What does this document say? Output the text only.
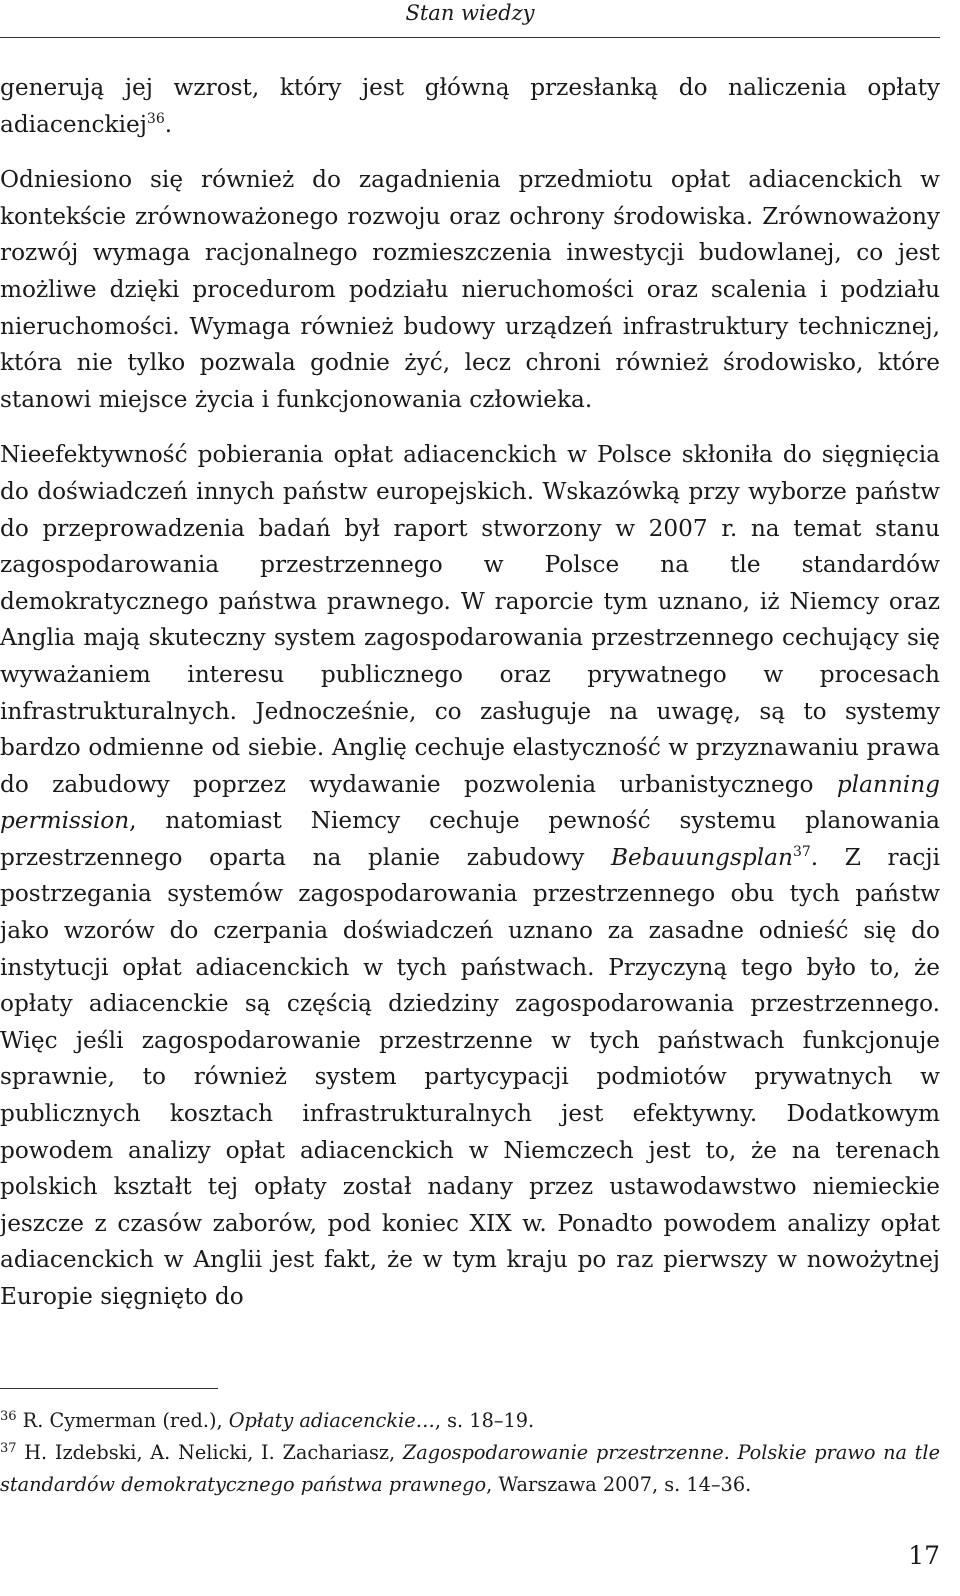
Stan wiedzy

generują jej wzrost, który jest główną przesłanką do naliczenia opłaty adiacenckiej$^{36}$.

Odniesiono się również do zagadnienia przedmiotu opłat adiacenckich w kontekście zrównoważonego rozwoju oraz ochrony środowiska. Zrównoważony rozwój wymaga racjonalnego rozmieszczenia inwestycji budowlanej, co jest możliwe dzięki procedurom podziału nieruchomości oraz scalenia i podziału nieruchomości. Wymaga również budowy urządzeń infrastruktury technicznej, która nie tylko pozwala godnie żyć, lecz chroni również środowisko, które stanowi miejsce życia i funkcjonowania człowieka.

Nieefektywność pobierania opłat adiacenckich w Polsce skłoniła do sięgnięcia do doświadczeń innych państw europejskich. Wskazówką przy wyborze państw do przeprowadzenia badań był raport stworzony w 2007 r. na temat stanu zagospodarowania przestrzennego w Polsce na tle standardów demokratycznego państwa prawnego. W raporcie tym uznano, iż Niemcy oraz Anglia mają skuteczny system zagospodarowania przestrzennego cechujący się wyważaniem interesu publicznego oraz prywatnego w procesach infrastrukturalnych. Jednocześnie, co zasługuje na uwagę, są to systemy bardzo odmienne od siebie. Anglię cechuje elastyczność w przyznawaniu prawa do zabudowy poprzez wydawanie pozwolenia urbanistycznego planning permission, natomiast Niemcy cechuje pewność systemu planowania przestrzennego oparta na planie zabudowy Bebauungsplan$^{37}$. Z racji postrzegania systemów zagospodarowania przestrzennego obu tych państw jako wzorów do czerpania doświadczeń uznano za zasadne odnieść się do instytucji opłat adiacenckich w tych państwach. Przyczyną tego było to, że opłaty adiacenckie są częścią dziedziny zagospodarowania przestrzennego. Więc jeśli zagospodarowanie przestrzenne w tych państwach funkcjonuje sprawnie, to również system partycypacji podmiotów prywatnych w publicznych kosztach infrastrukturalnych jest efektywny. Dodatkowym powodem analizy opłat adiacenckich w Niemczech jest to, że na terenach polskich kształt tej opłaty został nadany przez ustawodawstwo niemieckie jeszcze z czasów zaborów, pod koniec XIX w. Ponadto powodem analizy opłat adiacenckich w Anglii jest fakt, że w tym kraju po raz pierwszy w nowożytnej Europie sięgnięto do

$^{36}$ R. Cymerman (red.), Opłaty adiacenckie…, s. 18–19.

$^{37}$ H. Izdebski, A. Nelicki, I. Zachariasz, Zagospodarowanie przestrzenne. Polskie prawo na tle standardów demokratycznego państwa prawnego, Warszawa 2007, s. 14–36.

17
